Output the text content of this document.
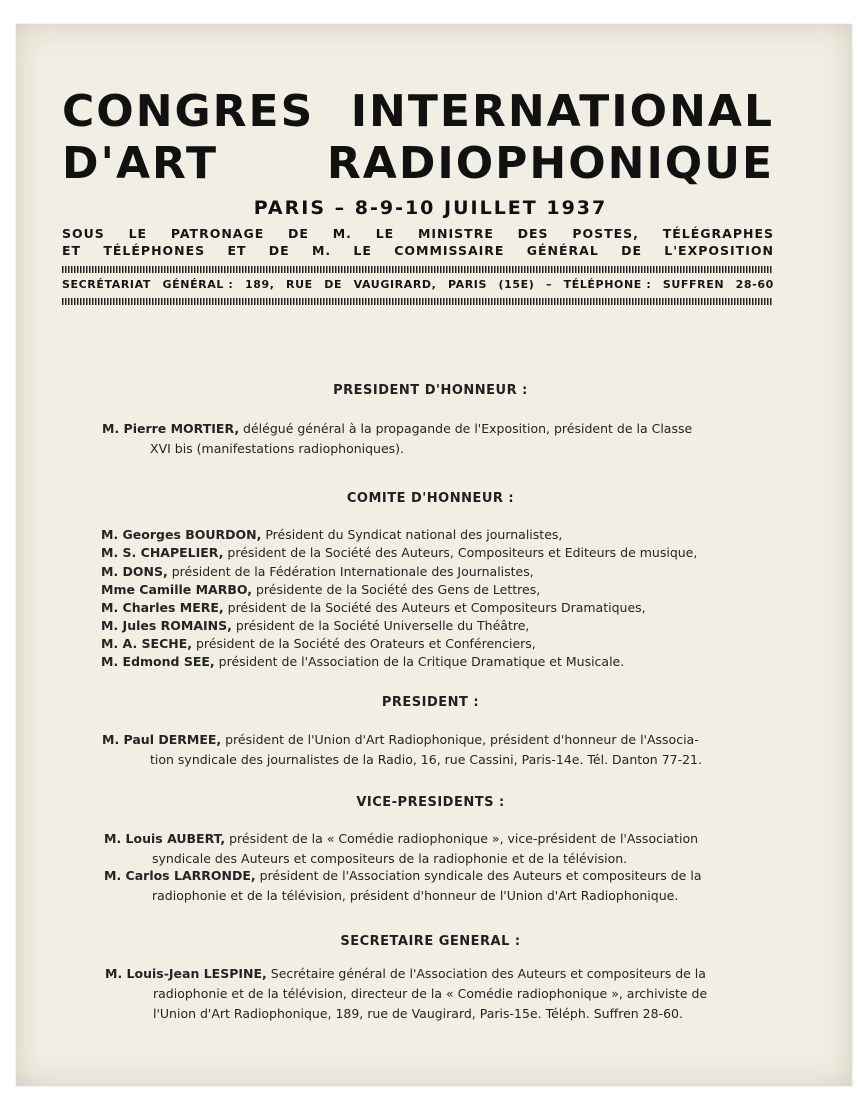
CONGRES INTERNATIONAL
D'ART RADIOPHONIQUE
PARIS – 8-9-10 JUILLET 1937
SOUS LE PATRONAGE DE M. LE MINISTRE DES POSTES, TÉLÉGRAPHES
ET TÉLÉPHONES ET DE M. LE COMMISSAIRE GÉNÉRAL DE L'EXPOSITION
SECRÉTARIAT GÉNÉRAL : 189, RUE DE VAUGIRARD, PARIS (15E) – TÉLÉPHONE : SUFFREN 28-60
PRESIDENT D'HONNEUR :
M. Pierre MORTIER, délégué général à la propagande de l'Exposition, président de la Classe
XVI bis (manifestations radiophoniques).
COMITE D'HONNEUR :
M. Georges BOURDON, Président du Syndicat national des journalistes,
M. S. CHAPELIER, président de la Société des Auteurs, Compositeurs et Editeurs de musique,
M. DONS, président de la Fédération Internationale des Journalistes,
Mme Camille MARBO, présidente de la Société des Gens de Lettres,
M. Charles MERE, président de la Société des Auteurs et Compositeurs Dramatiques,
M. Jules ROMAINS, président de la Société Universelle du Théâtre,
M. A. SECHE, président de la Société des Orateurs et Conférenciers,
M. Edmond SEE, président de l'Association de la Critique Dramatique et Musicale.
PRESIDENT :
M. Paul DERMEE, président de l'Union d'Art Radiophonique, président d'honneur de l'Associa-
tion syndicale des journalistes de la Radio, 16, rue Cassini, Paris-14e. Tél. Danton 77-21.
VICE-PRESIDENTS :
M. Louis AUBERT, président de la « Comédie radiophonique », vice-président de l'Association
syndicale des Auteurs et compositeurs de la radiophonie et de la télévision.
M. Carlos LARRONDE, président de l'Association syndicale des Auteurs et compositeurs de la
radiophonie et de la télévision, président d'honneur de l'Union d'Art Radiophonique.
SECRETAIRE GENERAL :
M. Louis-Jean LESPINE, Secrétaire général de l'Association des Auteurs et compositeurs de la
radiophonie et de la télévision, directeur de la « Comédie radiophonique », archiviste de
l'Union d'Art Radiophonique, 189, rue de Vaugirard, Paris-15e. Téléph. Suffren 28-60.
